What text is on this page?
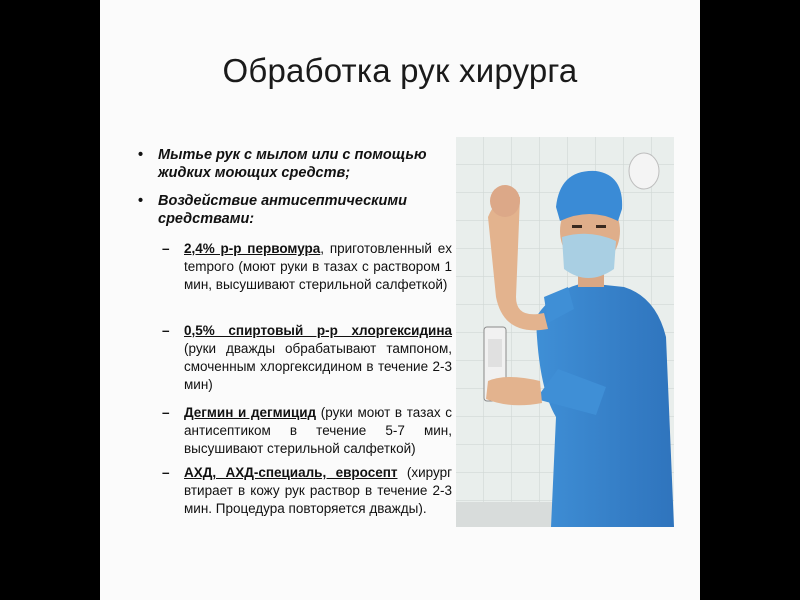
Обработка рук хирурга
• Мытье рук с мылом или с помощью жидких моющих средств;
• Воздействие антисептическими средствами:
– 2,4% р-р первомура, приготовленный ex tempoгo (моют руки в тазах с раствором 1 мин, высушивают стерильной салфеткой)
– 0,5% спиртовый р-р хлоргексидина (руки дважды обрабатывают тампоном, смоченным хлоргексидином в течение 2-3 мин)
– Дегмин и дегмицид (руки моют в тазах с антисептиком в течение 5-7 мин, высушивают стерильной салфеткой)
– АХД, АХД-специаль, евросепт (хирург втирает в кожу рук раствор в течение 2-3 мин. Процедура повторяется дважды).
